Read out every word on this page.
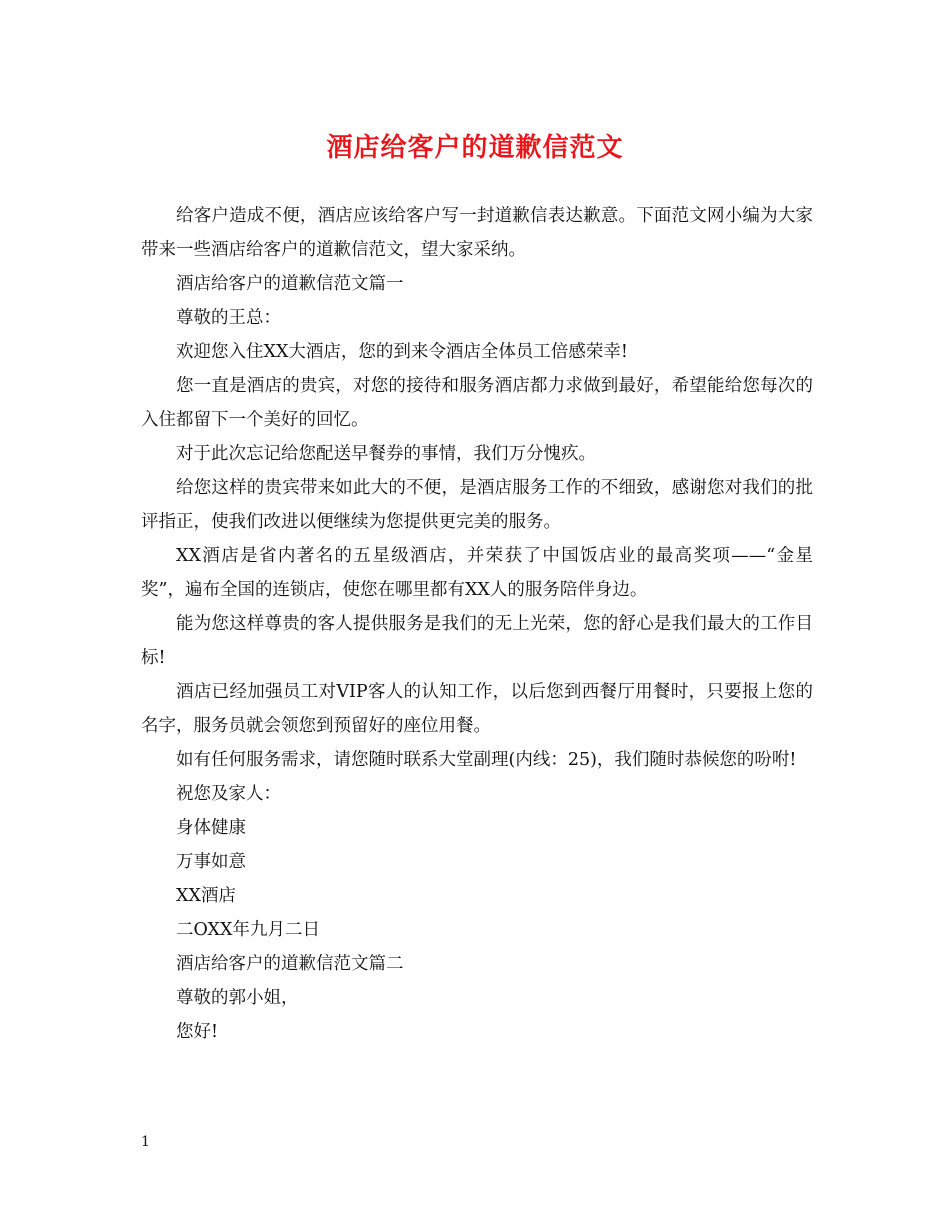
酒店给客户的道歉信范文

给客户造成不便，酒店应该给客户写一封道歉信表达歉意。下面范文网小编为大家带来一些酒店给客户的道歉信范文，望大家采纳。

酒店给客户的道歉信范文篇一

尊敬的王总：

欢迎您入住XX大酒店，您的到来令酒店全体员工倍感荣幸!

您一直是酒店的贵宾，对您的接待和服务酒店都力求做到最好，希望能给您每次的入住都留下一个美好的回忆。

对于此次忘记给您配送早餐券的事情，我们万分愧疚。

给您这样的贵宾带来如此大的不便，是酒店服务工作的不细致，感谢您对我们的批评指正，使我们改进以便继续为您提供更完美的服务。

XX酒店是省内著名的五星级酒店，并荣获了中国饭店业的最高奖项——“金星奖”，遍布全国的连锁店，使您在哪里都有XX人的服务陪伴身边。

能为您这样尊贵的客人提供服务是我们的无上光荣，您的舒心是我们最大的工作目标!

酒店已经加强员工对VIP客人的认知工作，以后您到西餐厅用餐时，只要报上您的名字，服务员就会领您到预留好的座位用餐。

如有任何服务需求，请您随时联系大堂副理(内线：25)，我们随时恭候您的吩咐!

祝您及家人：

身体健康

万事如意

XX酒店

二OXX年九月二日

酒店给客户的道歉信范文篇二

尊敬的郭小姐，

您好!

1
